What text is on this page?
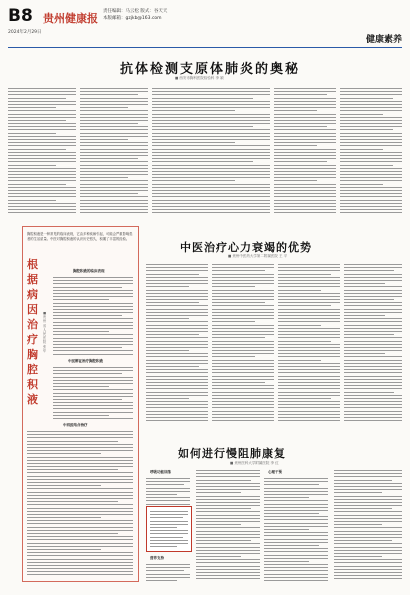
B8 贵州健康报
责任编辑：马云松 版式：谷天天
本版邮箱：gzjkb@163.com
2024年2月29日
健康素养
抗体检测支原体肺炎的奥秘
■ 西安市胸科医院检验科 李 颖
胸腔积液是一种常见的临床表现，它由多种疾病引起，可能会严重影响患者的生活质量。中医对胸腔积液的认识历史悠久，积累了丰富的经验。
根据病因治疗胸腔积液
■ 贵州省人民医院 张 华
胸腔积液的临床表现
中医辨证治疗胸腔积液
中西医结合治疗
中医治疗心力衰竭的优势
■ 贵州中医药大学第二附属医院 王 平
如何进行慢阻肺康复
■ 贵州医科大学附属医院 李 红
呼吸功能训练
营养支持
心理干预
